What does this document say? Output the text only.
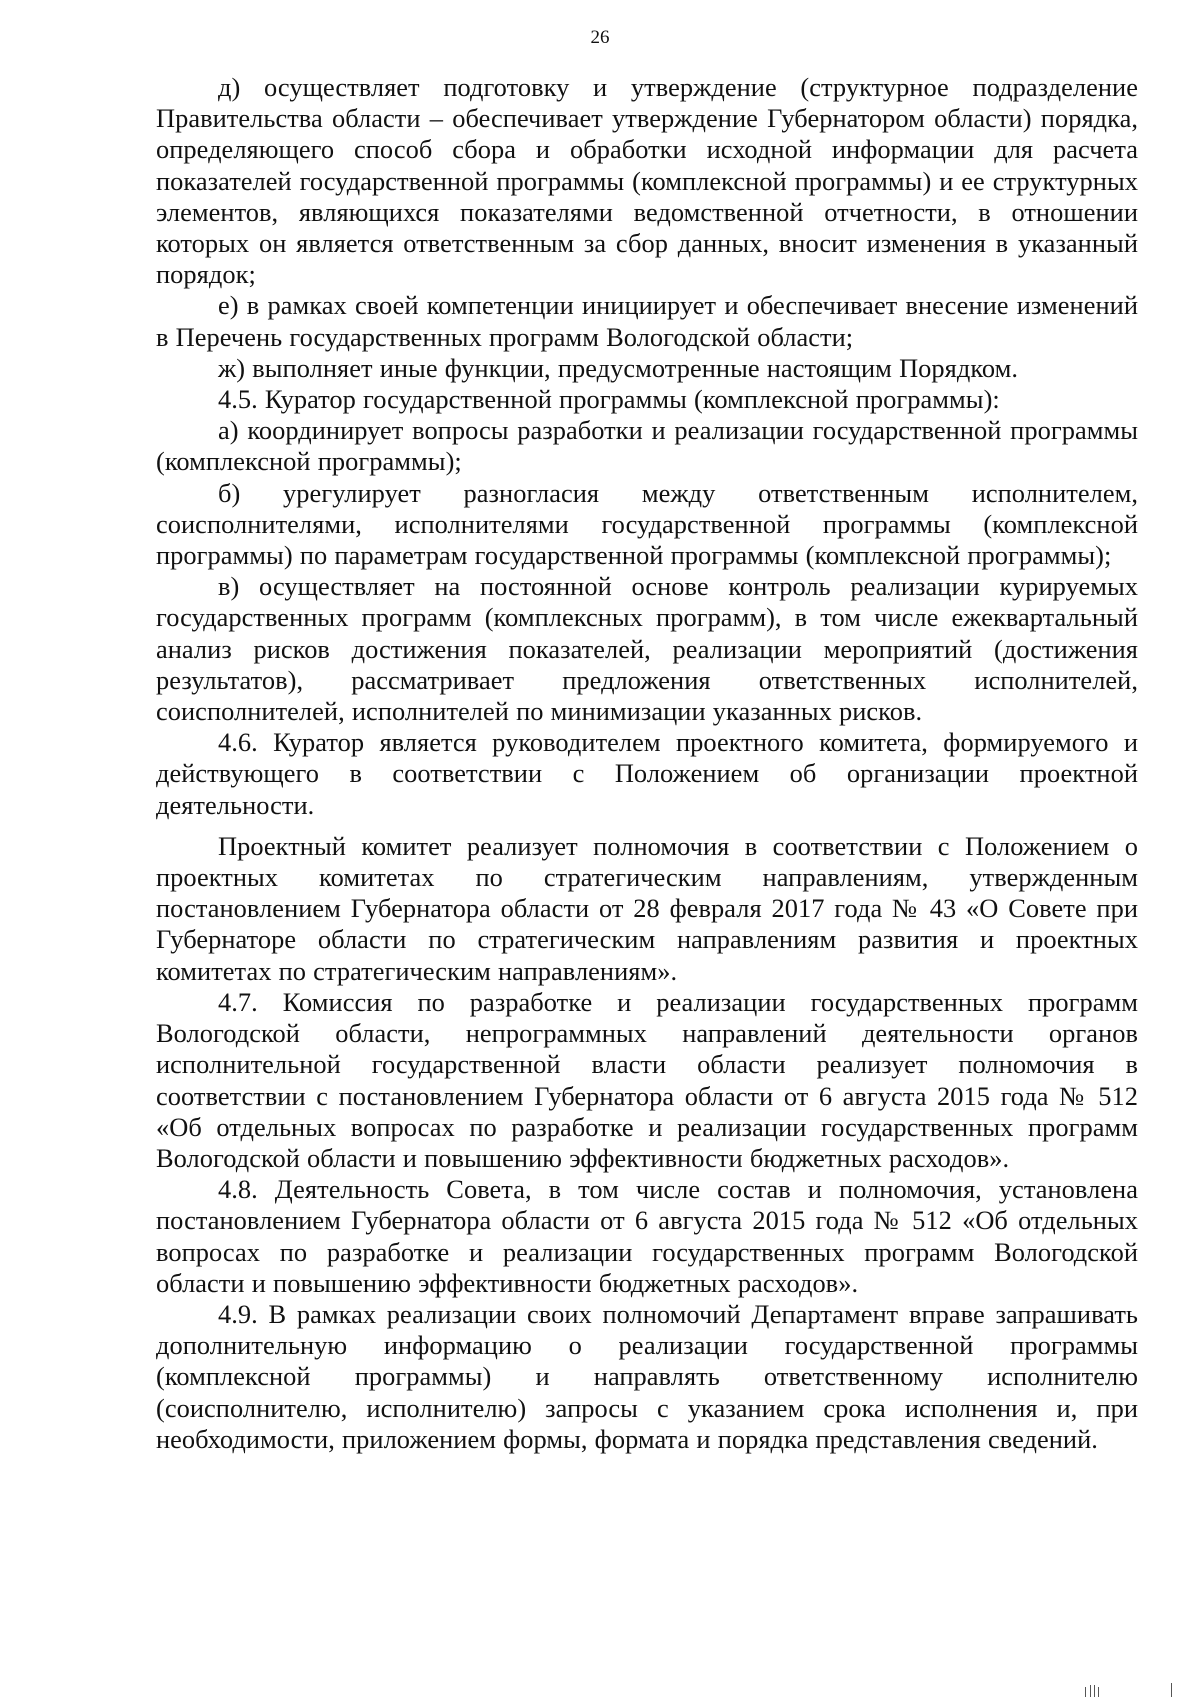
26

д) осуществляет подготовку и утверждение (структурное подразделение Правительства области – обеспечивает утверждение Губернатором области) порядка, определяющего способ сбора и обработки исходной информации для расчета показателей государственной программы (комплексной программы) и ее структурных элементов, являющихся показателями ведомственной отчетности, в отношении которых он является ответственным за сбор данных, вносит изменения в указанный порядок;

е) в рамках своей компетенции инициирует и обеспечивает внесение изменений в Перечень государственных программ Вологодской области;

ж) выполняет иные функции, предусмотренные настоящим Порядком.

4.5. Куратор государственной программы (комплексной программы):

а) координирует вопросы разработки и реализации государственной программы (комплексной программы);

б) урегулирует разногласия между ответственным исполнителем, соисполнителями, исполнителями государственной программы (комплексной программы) по параметрам государственной программы (комплексной программы);

в) осуществляет на постоянной основе контроль реализации курируемых государственных программ (комплексных программ), в том числе ежеквартальный анализ рисков достижения показателей, реализации мероприятий (достижения результатов), рассматривает предложения ответственных исполнителей, соисполнителей, исполнителей по минимизации указанных рисков.

4.6. Куратор является руководителем проектного комитета, формируемого и действующего в соответствии с Положением об организации проектной деятельности.

Проектный комитет реализует полномочия в соответствии с Положением о проектных комитетах по стратегическим направлениям, утвержденным постановлением Губернатора области от 28 февраля 2017 года № 43 «О Совете при Губернаторе области по стратегическим направлениям развития и проектных комитетах по стратегическим направлениям».

4.7. Комиссия по разработке и реализации государственных программ Вологодской области, непрограммных направлений деятельности органов исполнительной государственной власти области реализует полномочия в соответствии с постановлением Губернатора области от 6 августа 2015 года № 512 «Об отдельных вопросах по разработке и реализации государственных программ Вологодской области и повышению эффективности бюджетных расходов».

4.8. Деятельность Совета, в том числе состав и полномочия, установлена постановлением Губернатора области от 6 августа 2015 года № 512 «Об отдельных вопросах по разработке и реализации государственных программ Вологодской области и повышению эффективности бюджетных расходов».

4.9. В рамках реализации своих полномочий Департамент вправе запрашивать дополнительную информацию о реализации государственной программы (комплексной программы) и направлять ответственному исполнителю (соисполнителю, исполнителю) запросы с указанием срока исполнения и, при необходимости, приложением формы, формата и порядка представления сведений.
